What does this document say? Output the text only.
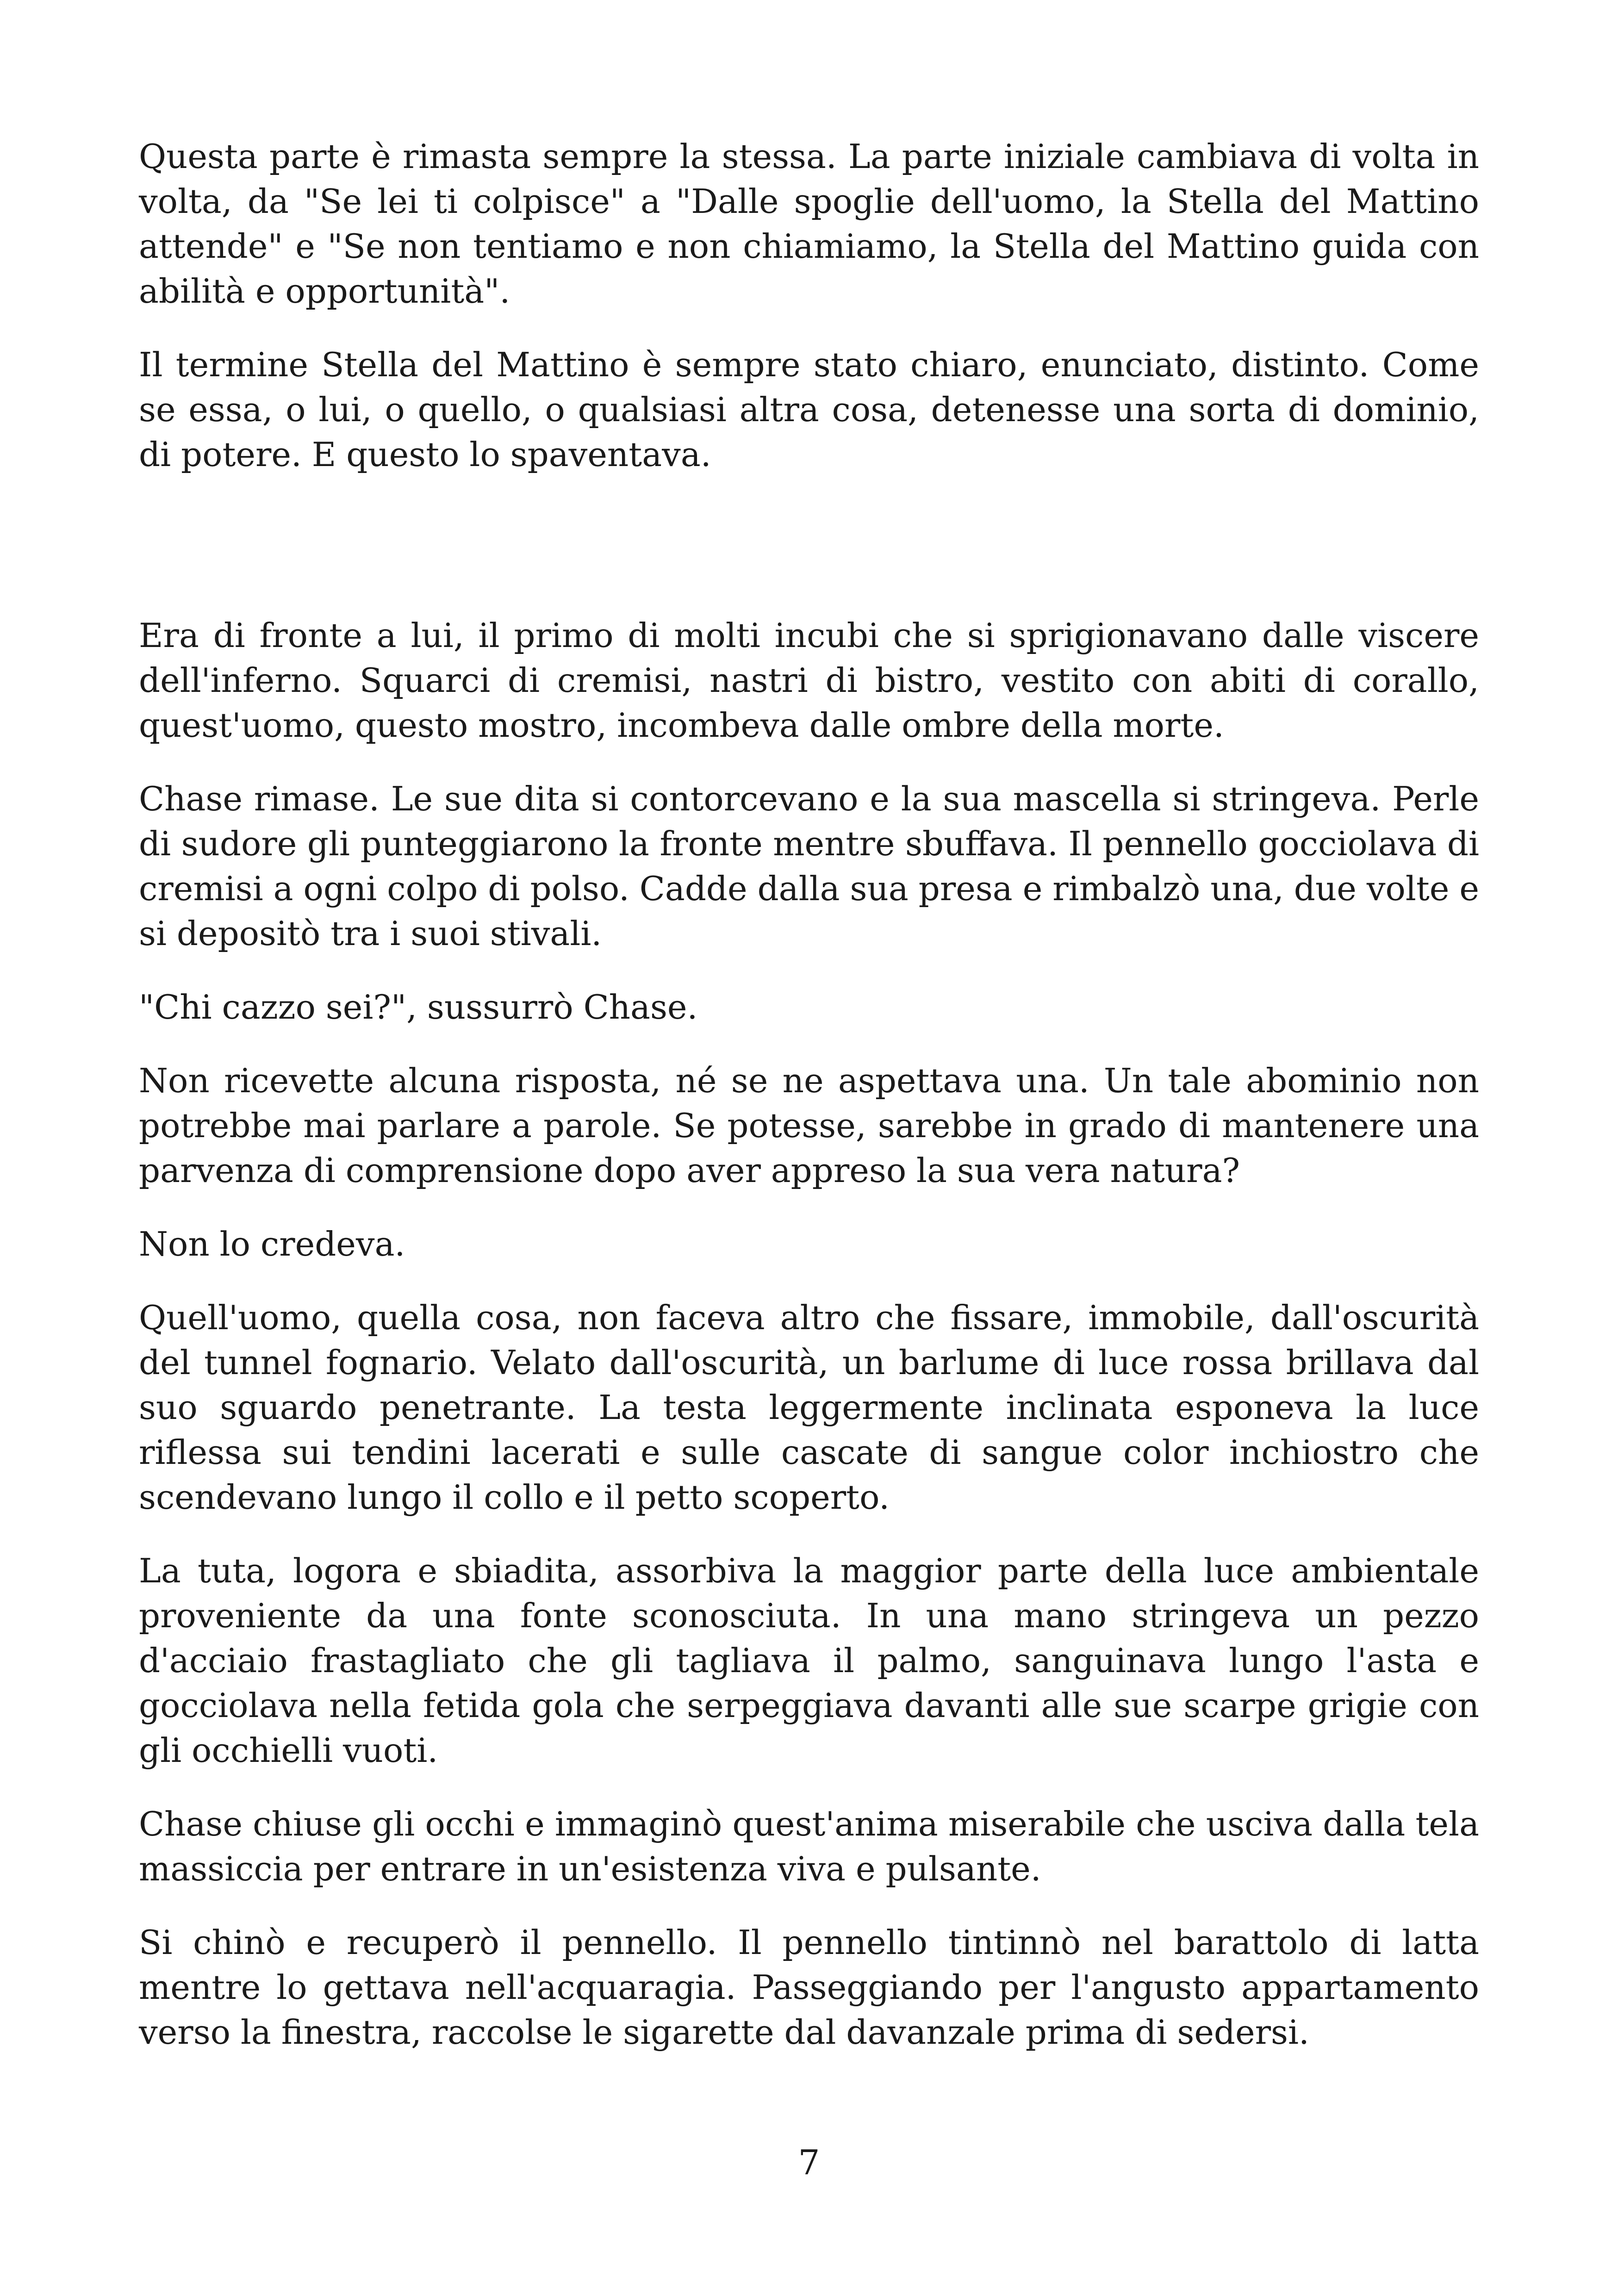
Questa parte è rimasta sempre la stessa. La parte iniziale cambiava di volta in volta, da "Se lei ti colpisce" a "Dalle spoglie dell'uomo, la Stella del Mattino attende" e "Se non tentiamo e non chiamiamo, la Stella del Mattino guida con abilità e opportunità".

Il termine Stella del Mattino è sempre stato chiaro, enunciato, distinto. Come se essa, o lui, o quello, o qualsiasi altra cosa, detenesse una sorta di dominio, di potere. E questo lo spaventava.

Era di fronte a lui, il primo di molti incubi che si sprigionavano dalle viscere dell'inferno. Squarci di cremisi, nastri di bistro, vestito con abiti di corallo, quest'uomo, questo mostro, incombeva dalle ombre della morte.

Chase rimase. Le sue dita si contorcevano e la sua mascella si stringeva. Perle di sudore gli punteggiarono la fronte mentre sbuffava. Il pennello gocciolava di cremisi a ogni colpo di polso. Cadde dalla sua presa e rimbalzò una, due volte e si depositò tra i suoi stivali.

"Chi cazzo sei?", sussurrò Chase.

Non ricevette alcuna risposta, né se ne aspettava una. Un tale abominio non potrebbe mai parlare a parole. Se potesse, sarebbe in grado di mantenere una parvenza di comprensione dopo aver appreso la sua vera natura?

Non lo credeva.

Quell'uomo, quella cosa, non faceva altro che fissare, immobile, dall'oscurità del tunnel fognario. Velato dall'oscurità, un barlume di luce rossa brillava dal suo sguardo penetrante. La testa leggermente inclinata esponeva la luce riflessa sui tendini lacerati e sulle cascate di sangue color inchiostro che scendevano lungo il collo e il petto scoperto.

La tuta, logora e sbiadita, assorbiva la maggior parte della luce ambientale proveniente da una fonte sconosciuta. In una mano stringeva un pezzo d'acciaio frastagliato che gli tagliava il palmo, sanguinava lungo l'asta e gocciolava nella fetida gola che serpeggiava davanti alle sue scarpe grigie con gli occhielli vuoti.

Chase chiuse gli occhi e immaginò quest'anima miserabile che usciva dalla tela massiccia per entrare in un'esistenza viva e pulsante.

Si chinò e recuperò il pennello. Il pennello tintinnò nel barattolo di latta mentre lo gettava nell'acquaragia. Passeggiando per l'angusto appartamento verso la finestra, raccolse le sigarette dal davanzale prima di sedersi.

7
